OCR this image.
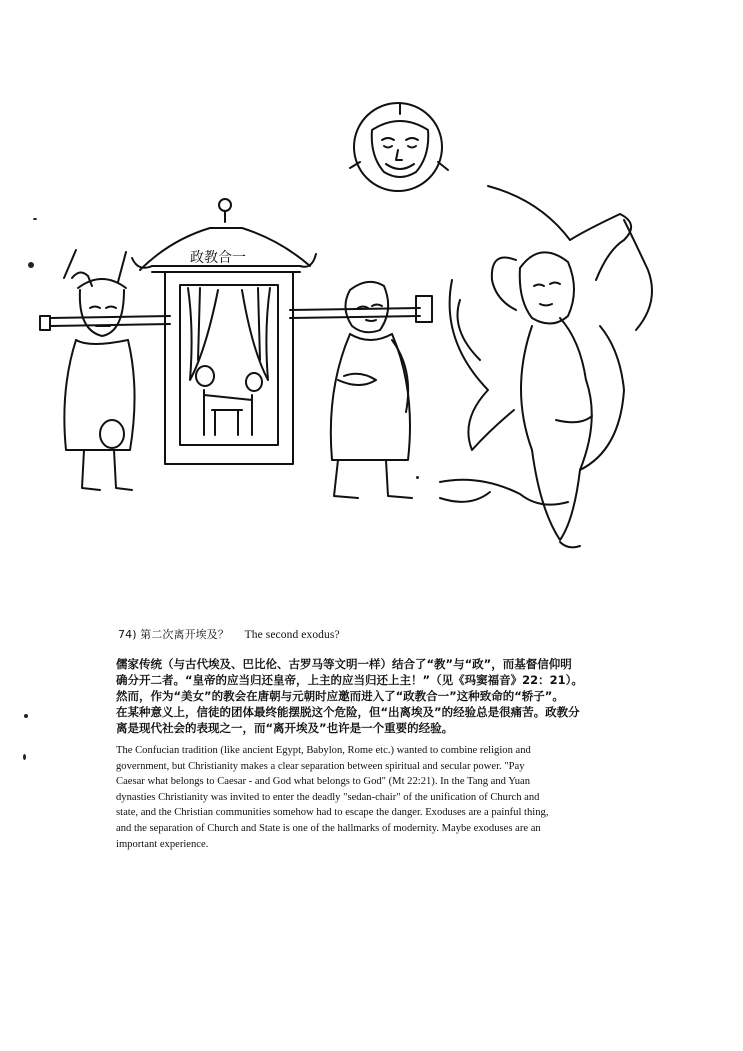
政教合一
74) 第二次离开埃及？ The second exodus?

儒家传统（与古代埃及、巴比伦、古罗马等文明一样）结合了“教”与“政”，而基督信仰明

确分开二者。“皇帝的应当归还皇帝，上主的应当归还上主！”（见《玛窦福音》22：21）。

然而，作为“美女”的教会在唐朝与元朝时应邀而进入了“政教合一”这种致命的“轿子”。

在某种意义上，信徒的团体最终能摆脱这个危险，但“出离埃及”的经验总是很痛苦。政教分

离是现代社会的表现之一，而“离开埃及”也许是一个重要的经验。

The Confucian tradition (like ancient Egypt, Babylon, Rome etc.) wanted to combine religion and

government, but Christianity makes a clear separation between spiritual and secular power. "Pay

Caesar what belongs to Caesar - and God what belongs to God" (Mt 22:21). In the Tang and Yuan

dynasties Christianity was invited to enter the deadly "sedan-chair" of the unification of Church and

state, and the Christian communities somehow had to escape the danger. Exoduses are a painful thing,

and the separation of Church and State is one of the hallmarks of modernity. Maybe exoduses are an

important experience.
